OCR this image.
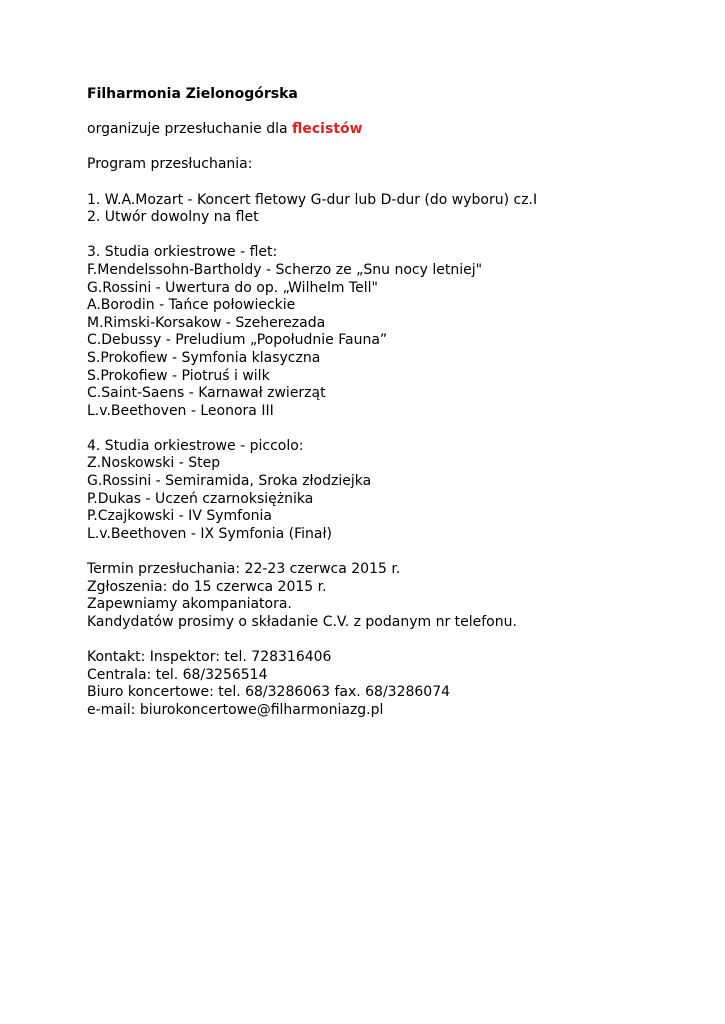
Filharmonia Zielonogórska

organizuje przesłuchanie dla flecistów

Program przesłuchania:

1. W.A.Mozart - Koncert fletowy G-dur lub D-dur (do wyboru) cz.I

2. Utwór dowolny na flet

3. Studia orkiestrowe - flet:

F.Mendelssohn-Bartholdy - Scherzo ze „Snu nocy letniej"

G.Rossini - Uwertura do op. „Wilhelm Tell"

A.Borodin - Tańce połowieckie

M.Rimski-Korsakow - Szeherezada

C.Debussy - Preludium „Popołudnie Fauna”

S.Prokofiew - Symfonia klasyczna

S.Prokofiew - Piotruś i wilk

C.Saint-Saens - Karnawał zwierząt

L.v.Beethoven - Leonora III

4. Studia orkiestrowe - piccolo:

Z.Noskowski - Step

G.Rossini - Semiramida, Sroka złodziejka

P.Dukas - Uczeń czarnoksiężnika

P.Czajkowski - IV Symfonia

L.v.Beethoven - IX Symfonia (Finał)

Termin przesłuchania: 22-23 czerwca 2015 r.

Zgłoszenia: do 15 czerwca 2015 r.

Zapewniamy akompaniatora.

Kandydatów prosimy o składanie C.V. z podanym nr telefonu.

Kontakt: Inspektor: tel. 728316406

Centrala: tel. 68/3256514

Biuro koncertowe: tel. 68/3286063 fax. 68/3286074

e-mail: biurokoncertowe@filharmoniazg.pl
